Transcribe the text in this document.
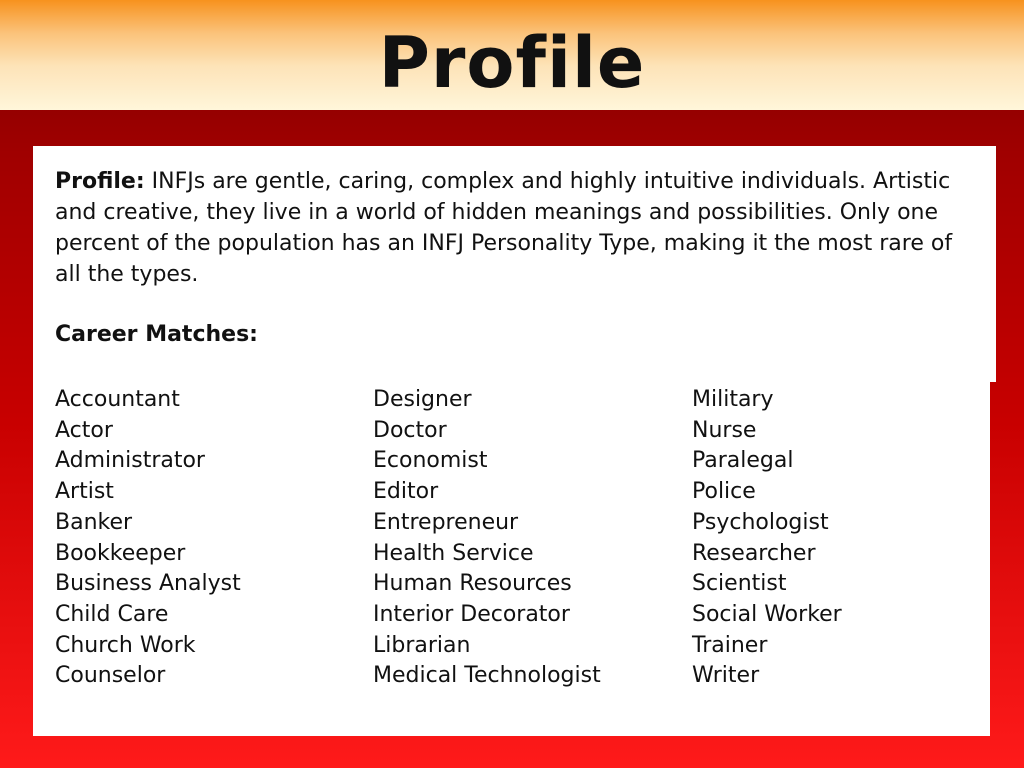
Profile
Profile: INFJs are gentle, caring, complex and highly intuitive individuals. Artistic and creative, they live in a world of hidden meanings and possibilities. Only one percent of the population has an INFJ Personality Type, making it the most rare of all the types.
Career Matches:
Accountant
Actor
Administrator
Artist
Banker
Bookkeeper
Business Analyst
Child Care
Church Work
Counselor
Designer
Doctor
Economist
Editor
Entrepreneur
Health Service
Human Resources
Interior Decorator
Librarian
Medical Technologist
Military
Nurse
Paralegal
Police
Psychologist
Researcher
Scientist
Social Worker
Trainer
Writer
